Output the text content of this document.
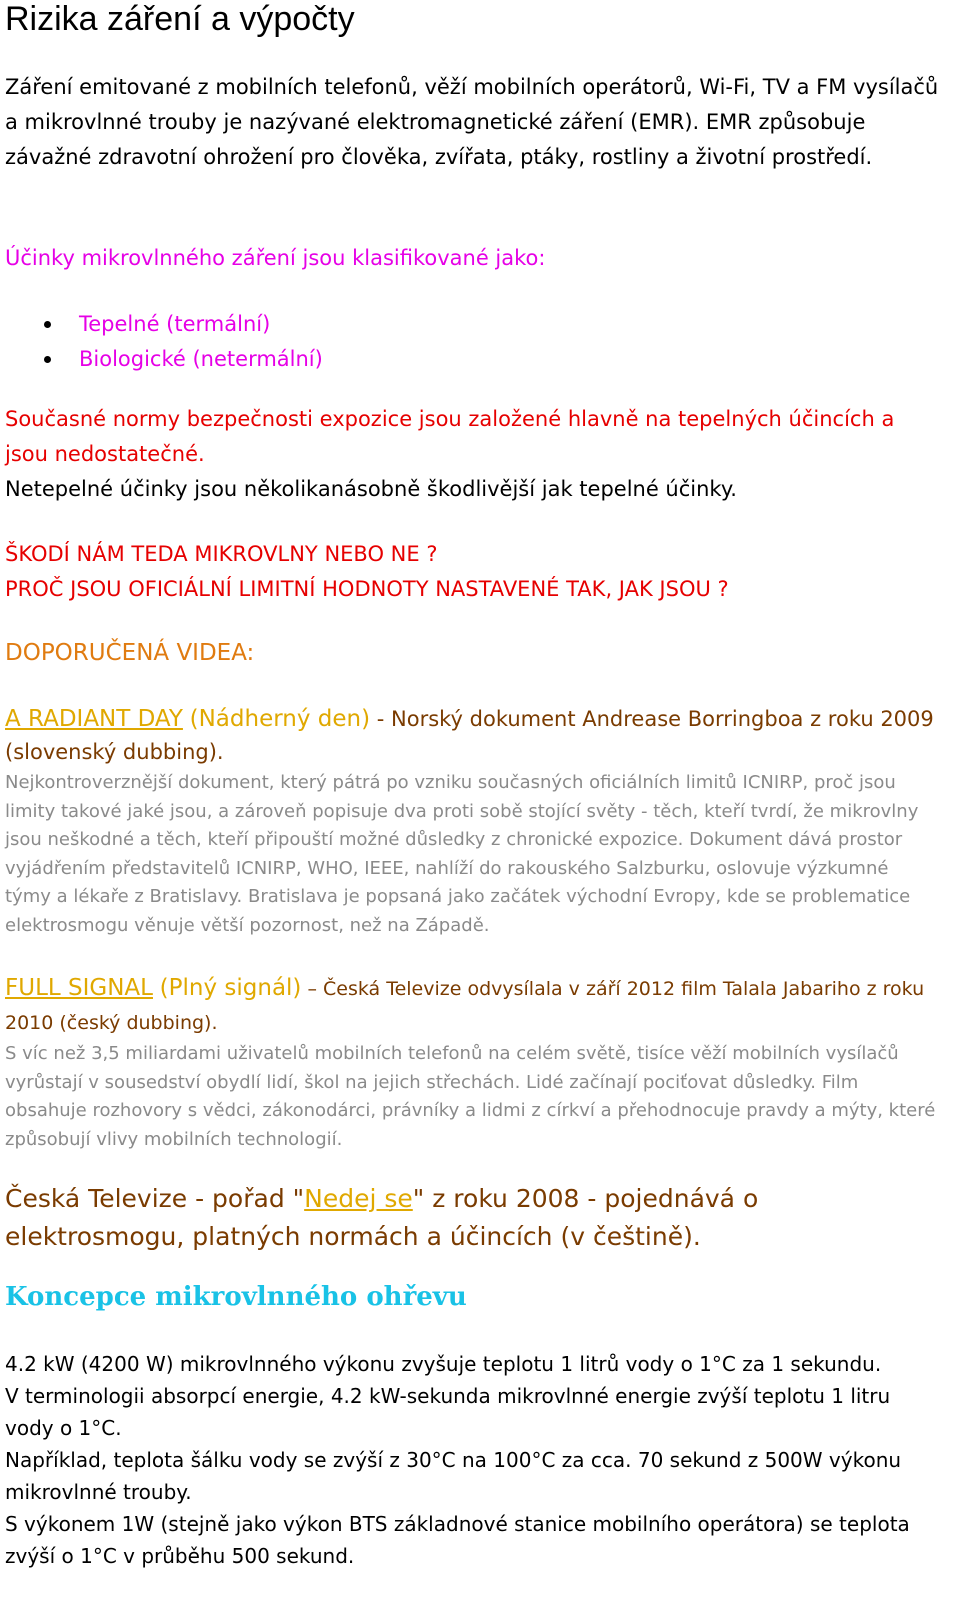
Rizika záření a výpočty
Záření emitované z mobilních telefonů, věží mobilních operátorů, Wi-Fi, TV a FM vysílačů a mikrovlnné trouby je nazývané elektromagnetické záření (EMR). EMR způsobuje závažné zdravotní ohrožení pro člověka, zvířata, ptáky, rostliny a životní prostředí.
Účinky mikrovlnného záření jsou klasifikované jako:
Tepelné (termální)
Biologické (netermální)
Současné normy bezpečnosti expozice jsou založené hlavně na tepelných účincích a jsou nedostatečné.
Netepelné účinky jsou několikanásobně škodlivější jak tepelné účinky.
ŠKODÍ NÁM TEDA MIKROVLNY NEBO NE ?
PROČ JSOU OFICIÁLNÍ LIMITNÍ HODNOTY NASTAVENÉ TAK, JAK JSOU ?
DOPORUČENÁ VIDEA:
A RADIANT DAY (Nádherný den) - Norský dokument Andrease Borringboa z roku 2009 (slovenský dubbing).
Nejkontroverznější dokument, který pátrá po vzniku současných oficiálních limitů ICNIRP, proč jsou limity takové jaké jsou, a zároveň popisuje dva proti sobě stojící světy - těch, kteří tvrdí, že mikrovlny jsou neškodné a těch, kteří připouští možné důsledky z chronické expozice. Dokument dává prostor vyjádřením představitelů ICNIRP, WHO, IEEE, nahlíží do rakouského Salzburku, oslovuje výzkumné týmy a lékaře z Bratislavy. Bratislava je popsaná jako začátek východní Evropy, kde se problematice elektrosmogu věnuje větší pozornost, než na Západě.
FULL SIGNAL (Plný signál) – Česká Televize odvysílala v září 2012 film Talala Jabariho z roku 2010 (český dubbing).
S víc než 3,5 miliardami uživatelů mobilních telefonů na celém světě, tisíce věží mobilních vysílačů vyrůstají v sousedství obydlí lidí, škol na jejich střechách. Lidé začínají pociťovat důsledky. Film obsahuje rozhovory s vědci, zákonodárci, právníky a lidmi z církví a přehodnocuje pravdy a mýty, které způsobují vlivy mobilních technologií.
Česká Televize - pořad "Nedej se" z roku 2008 - pojednává o elektrosmogu, platných normách a účincích (v češtině).
Koncepce mikrovlnného ohřevu

4.2 kW (4200 W) mikrovlnného výkonu zvyšuje teplotu 1 litrů vody o 1°C za 1 sekundu.

V terminologii absorpcí energie, 4.2 kW-sekunda mikrovlnné energie zvýší teplotu 1 litru vody o 1°C.

Například, teplota šálku vody se zvýší z 30°C na 100°C za cca. 70 sekund z 500W výkonu mikrovlnné trouby.

S výkonem 1W (stejně jako výkon BTS základnové stanice mobilního operátora) se teplota zvýší o 1°C v průběhu 500 sekund.
